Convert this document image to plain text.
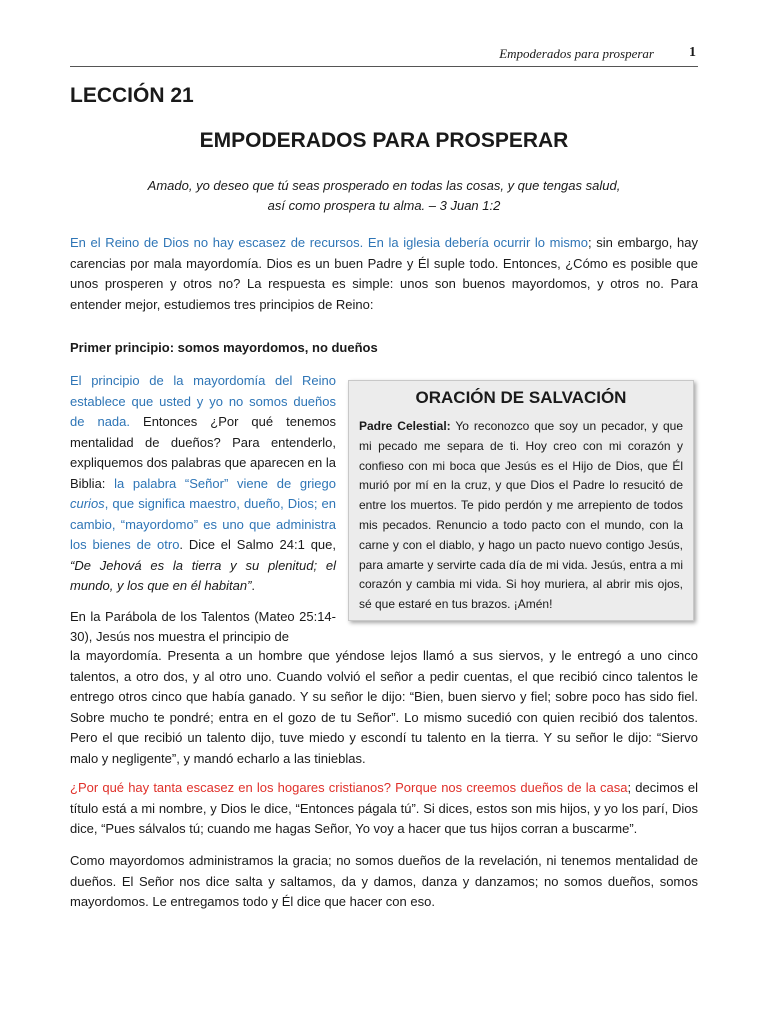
Empoderados para prosperar	1
LECCIÓN 21
EMPODERADOS PARA PROSPERAR
Amado, yo deseo que tú seas prosperado en todas las cosas, y que tengas salud,
así como prospera tu alma. – 3 Juan 1:2

En el Reino de Dios no hay escasez de recursos. En la iglesia debería ocurrir lo mismo; sin embargo, hay carencias por mala mayordomía. Dios es un buen Padre y Él suple todo. Entonces, ¿Cómo es posible que unos prosperen y otros no? La respuesta es simple: unos son buenos mayordomos, y otros no. Para entender mejor, estudiemos tres principios de Reino:

Primer principio: somos mayordomos, no dueños

El principio de la mayordomía del Reino establece que usted y yo no somos dueños de nada. Entonces ¿Por qué tenemos mentalidad de dueños? Para entenderlo, expliquemos dos palabras que aparecen en la Biblia: la palabra “Señor” viene de griego curios, que significa maestro, dueño, Dios; en cambio, “mayordomo” es uno que administra los bienes de otro. Dice el Salmo 24:1 que, “De Jehová es la tierra y su plenitud; el mundo, y los que en él habitan”.

En la Parábola de los Talentos (Mateo 25:14-30), Jesús nos muestra el principio de

ORACIÓN DE SALVACIÓN

Padre Celestial: Yo reconozco que soy un pecador, y que mi pecado me separa de ti. Hoy creo con mi corazón y confieso con mi boca que Jesús es el Hijo de Dios, que Él murió por mí en la cruz, y que Dios el Padre lo resucitó de entre los muertos. Te pido perdón y me arrepiento de todos mis pecados. Renuncio a todo pacto con el mundo, con la carne y con el diablo, y hago un pacto nuevo contigo Jesús, para amarte y servirte cada día de mi vida. Jesús, entra a mi corazón y cambia mi vida. Si hoy muriera, al abrir mis ojos, sé que estaré en tus brazos. ¡Amén!

la mayordomía. Presenta a un hombre que yéndose lejos llamó a sus siervos, y le entregó a uno cinco talentos, a otro dos, y al otro uno. Cuando volvió el señor a pedir cuentas, el que recibió cinco talentos le entrego otros cinco que había ganado. Y su señor le dijo: “Bien, buen siervo y fiel; sobre poco has sido fiel. Sobre mucho te pondré; entra en el gozo de tu Señor”. Lo mismo sucedió con quien recibió dos talentos. Pero el que recibió un talento dijo, tuve miedo y escondí tu talento en la tierra. Y su señor le dijo: “Siervo malo y negligente”, y mandó echarlo a las tinieblas.

¿Por qué hay tanta escasez en los hogares cristianos? Porque nos creemos dueños de la casa; decimos el título está a mi nombre, y Dios le dice, “Entonces págala tú”. Si dices, estos son mis hijos, y yo los parí, Dios dice, “Pues sálvalos tú; cuando me hagas Señor, Yo voy a hacer que tus hijos corran a buscarme”.

Como mayordomos administramos la gracia; no somos dueños de la revelación, ni tenemos mentalidad de dueños. El Señor nos dice salta y saltamos, da y damos, danza y danzamos; no somos dueños, somos mayordomos. Le entregamos todo y Él dice que hacer con eso.
